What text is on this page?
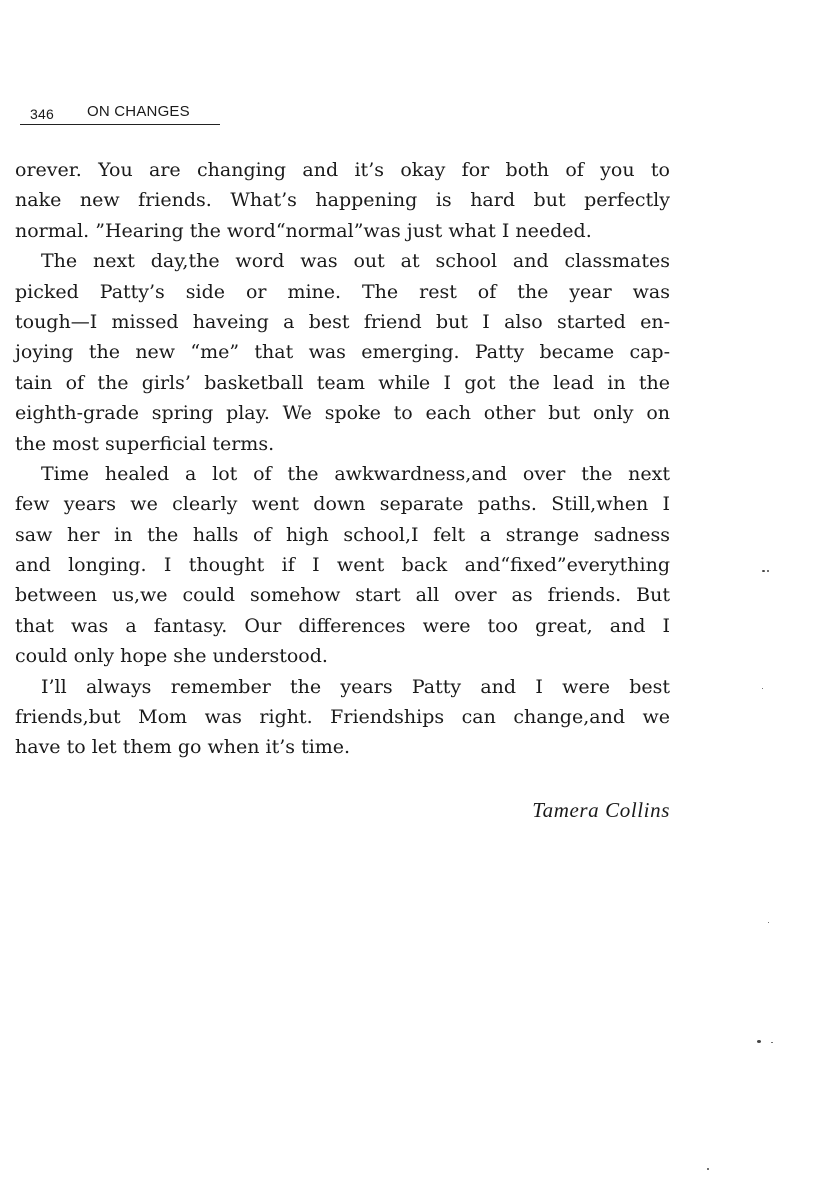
346 ON CHANGES
orever. You are changing and it’s okay for both of you to
nake new friends. What’s happening is hard but perfectly
normal. ”Hearing the word“normal”was just what I needed.
The next day,the word was out at school and classmates
picked Patty’s side or mine. The rest of the year was
tough—I missed haveing a best friend but I also started en-
joying the new “me” that was emerging. Patty became cap-
tain of the girls’ basketball team while I got the lead in the
eighth-grade spring play. We spoke to each other but only on
the most superficial terms.
Time healed a lot of the awkwardness,and over the next
few years we clearly went down separate paths. Still,when I
saw her in the halls of high school,I felt a strange sadness
and longing. I thought if I went back and“fixed”everything
between us,we could somehow start all over as friends. But
that was a fantasy. Our differences were too great, and I
could only hope she understood.
I’ll always remember the years Patty and I were best
friends,but Mom was right. Friendships can change,and we
have to let them go when it’s time.
Tamera Collins
